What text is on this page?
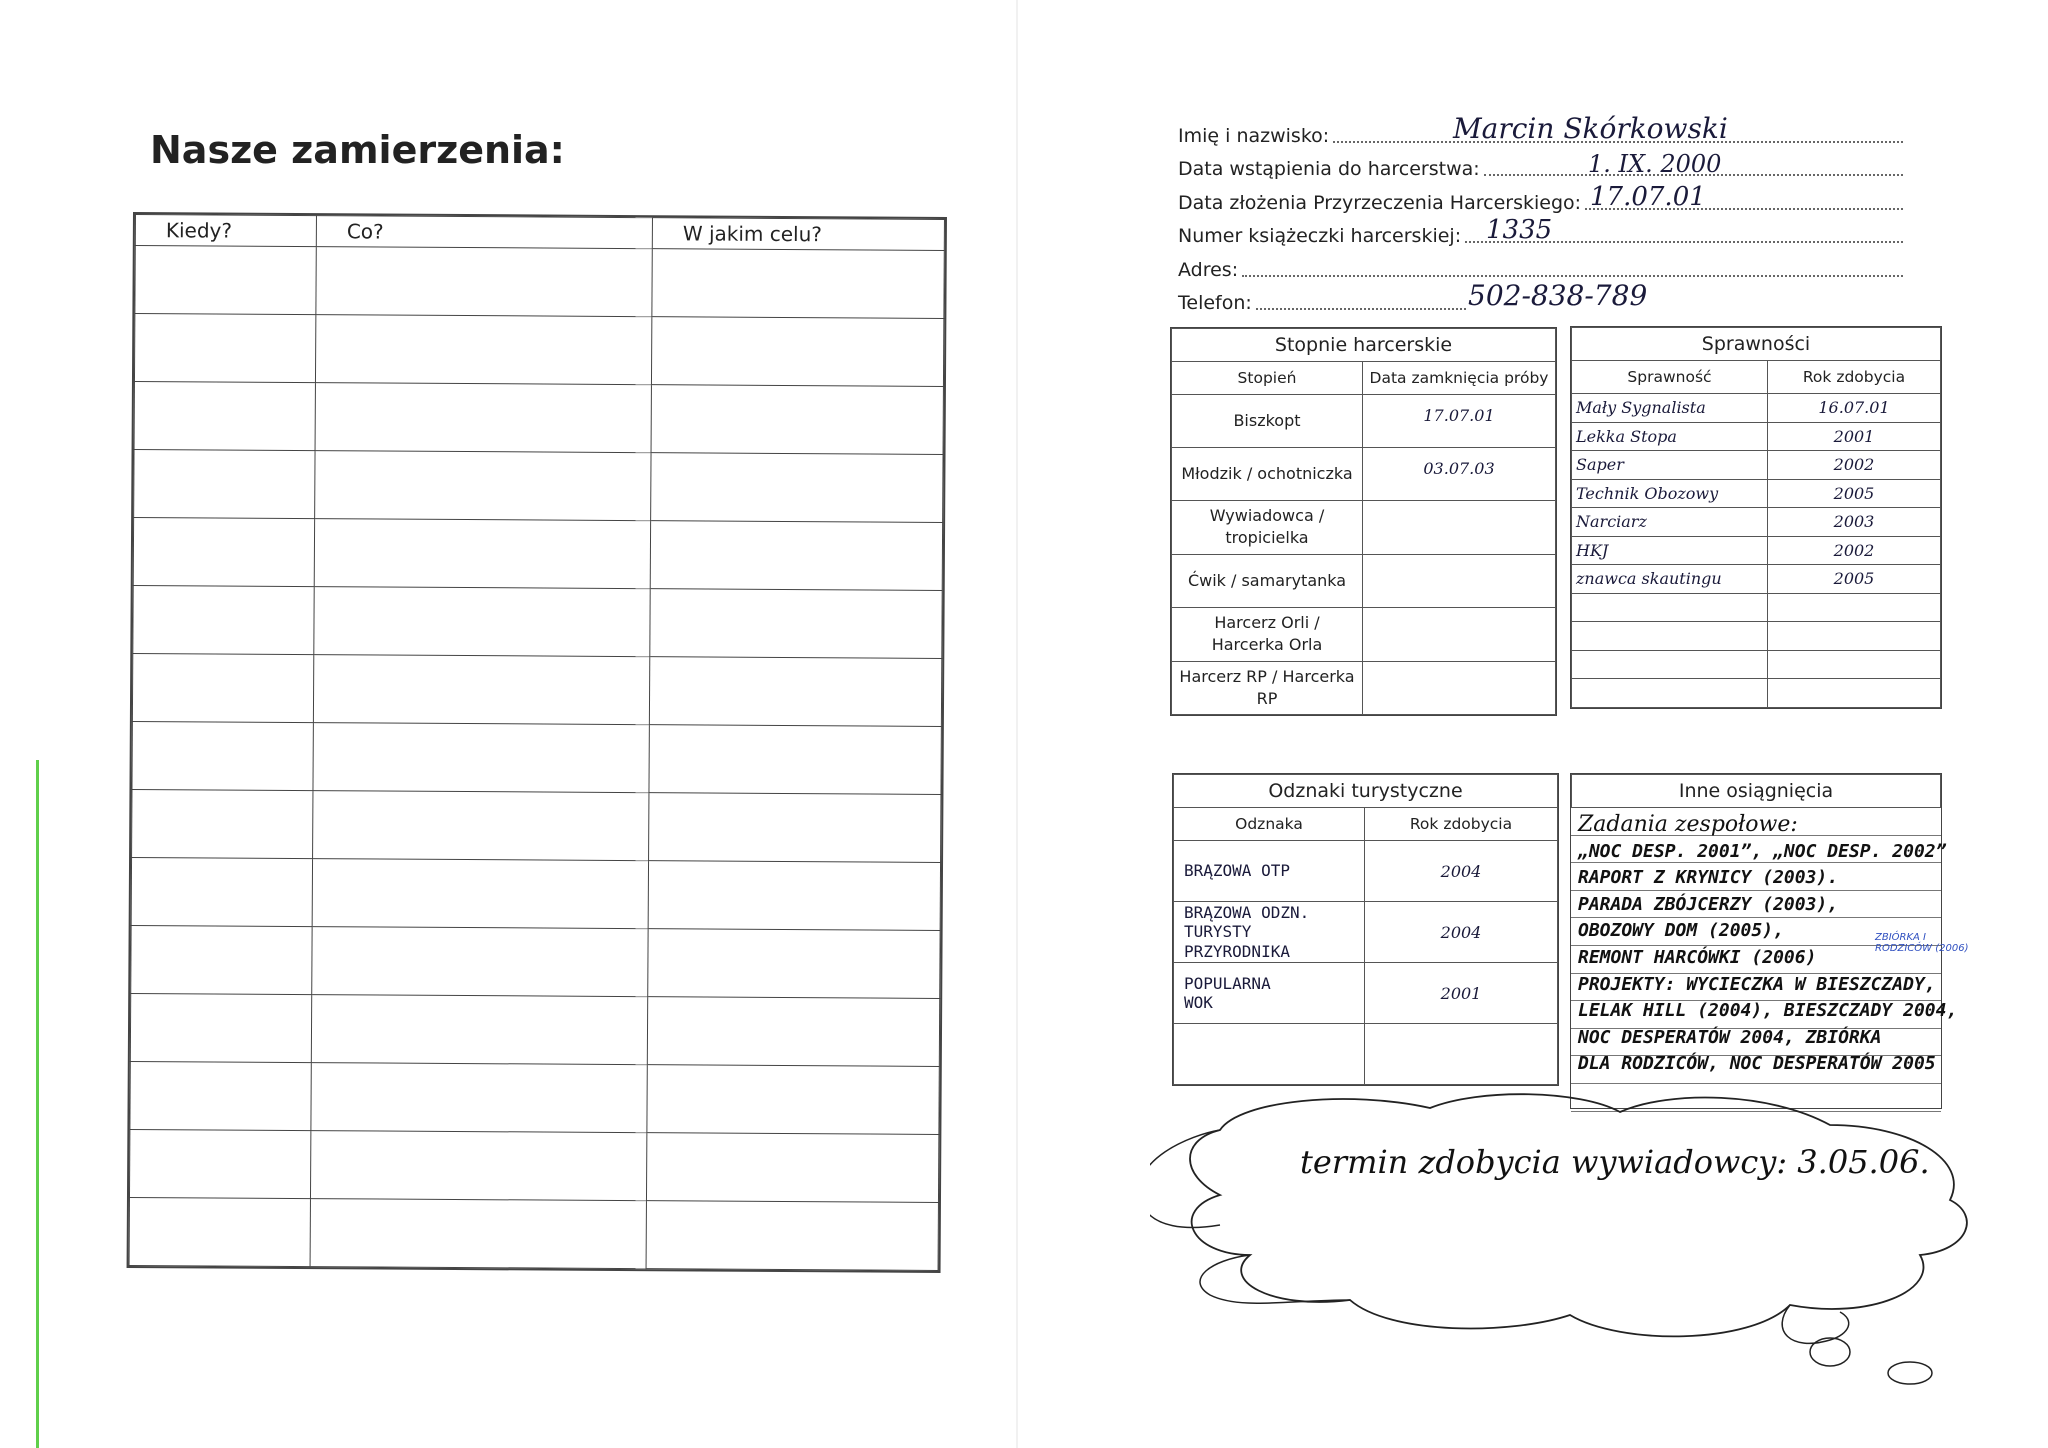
Nasze zamierzenia:
Kiedy?	Co?	W jakim celu?

Imię i nazwisko:	Marcin Skórkowski
Data wstąpienia do harcerstwa:	1. IX. 2000
Data złożenia Przyrzeczenia Harcerskiego: 17.07.01
Numer książeczki harcerskiej: 1335
Adres:
Telefon:	502-838-789
Stopnie harcerskie	
Stopień	Data zamknięcia próby
Biszkopt	17.07.01
Młodzik / ochotniczka	03.07.03
Wywiadowca / tropicielka	
Ćwik / samarytanka	
Harcerz Orli / Harcerka Orla	
Harcerz RP / Harcerka RP	
Sprawności	
Sprawność	Rok zdobycia
Mały Sygnalista	16.07.01
Lekka Stopa	2001
Saper	2002
Technik Obozowy	2005
Narciarz	2003
HKJ	2002
znawca skautingu	2005

Odznaki turystyczne	
Odznaka	Rok zdobycia

BRĄZOWA OTP	2004

BRĄZOWA ODZN.
TURYSTY
PRZYRODNIKA	2004

POPULARNA
WOK	2001

Inne osiągnięcia
Zadania zespołowe:
„NOC DESP. 2001”, „NOC DESP. 2002”
RAPORT Z KRYNICY (2003).
PARADA ZBÓJCERZY (2003),
OBOZOWY DOM (2005),
REMONT HARCÓWKI (2006)
PROJEKTY: WYCIECZKA W BIESZCZADY,
LELAK HILL (2004), BIESZCZADY 2004,
NOC DESPERATÓW 2004, ZBIÓRKA
DLA RODZICÓW, NOC DESPERATÓW 2005
ZBIÓRKA I
RODZICÓW (2006)
termin zdobycia wywiadowcy: 3.05.06.
